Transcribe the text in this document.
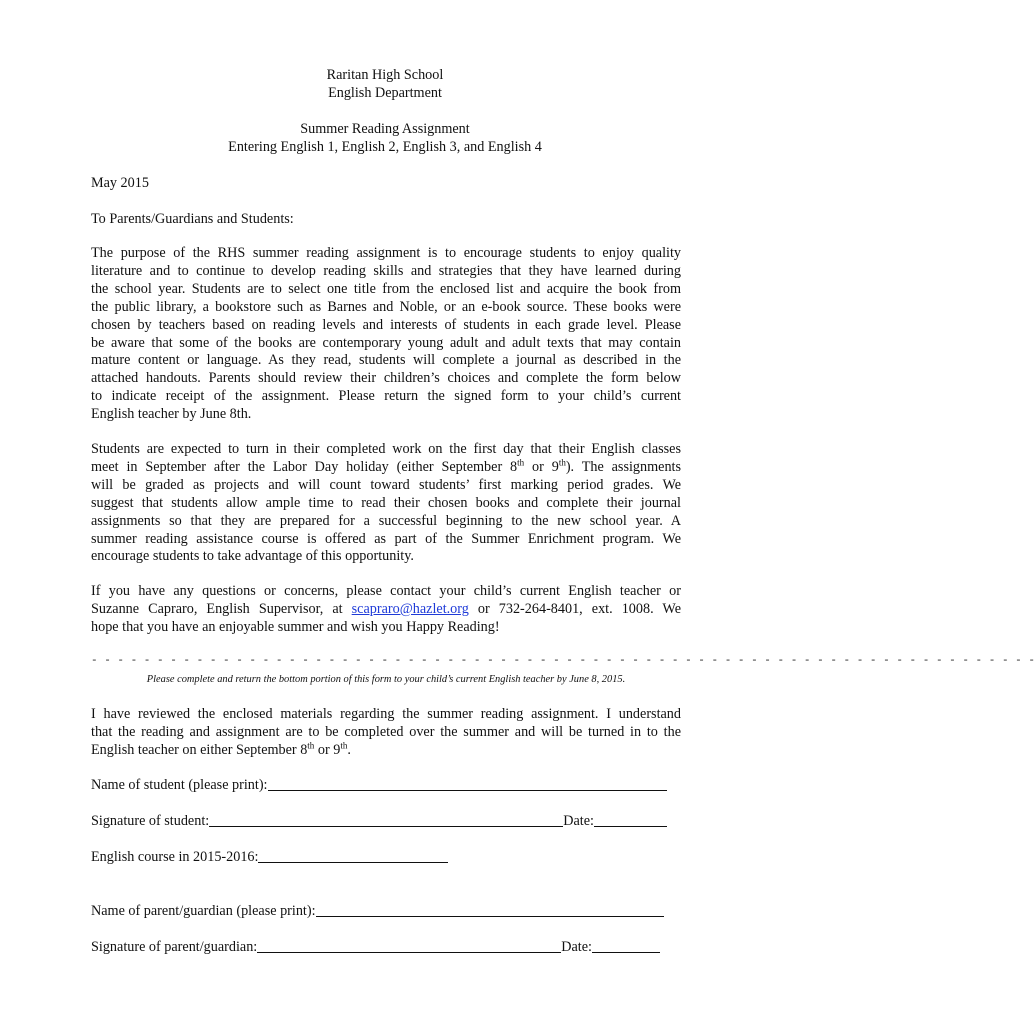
Raritan High School
English Department
Summer Reading Assignment
Entering English 1, English 2, English 3, and English 4
May 2015
To Parents/Guardians and Students:
The purpose of the RHS summer reading assignment is to encourage students to enjoy quality
literature and to continue to develop reading skills and strategies that they have learned during
the school year. Students are to select one title from the enclosed list and acquire the book from
the public library, a bookstore such as Barnes and Noble, or an e-book source. These books were
chosen by teachers based on reading levels and interests of students in each grade level. Please
be aware that some of the books are contemporary young adult and adult texts that may contain
mature content or language. As they read, students will complete a journal as described in the
attached handouts. Parents should review their children’s choices and complete the form below
to indicate receipt of the assignment. Please return the signed form to your child’s current
English teacher by June 8th.
Students are expected to turn in their completed work on the first day that their English classes
meet in September after the Labor Day holiday (either September 8th or 9th). The assignments
will be graded as projects and will count toward students’ first marking period grades. We
suggest that students allow ample time to read their chosen books and complete their journal
assignments so that they are prepared for a successful beginning to the new school year. A
summer reading assistance course is offered as part of the Summer Enrichment program. We
encourage students to take advantage of this opportunity.
If you have any questions or concerns, please contact your child’s current English teacher or
Suzanne Capraro, English Supervisor, at scapraro@hazlet.org or 732-264-8401, ext. 1008. We
hope that you have an enjoyable summer and wish you Happy Reading!
- - - - - - - - - - - - - - - - - - - - - - - - - - - - - - - - - - - - - - - - - - - - - - - - - - - - - - - - - - - - - - - - - - - - - - - -
Please complete and return the bottom portion of this form to your child’s current English teacher by June 8, 2015.
I have reviewed the enclosed materials regarding the summer reading assignment. I understand
that the reading and assignment are to be completed over the summer and will be turned in to the
English teacher on either September 8th or 9th.
Name of student (please print):
Signature of student:	Date:
English course in 2015-2016:
Name of parent/guardian (please print):
Signature of parent/guardian:	Date:
